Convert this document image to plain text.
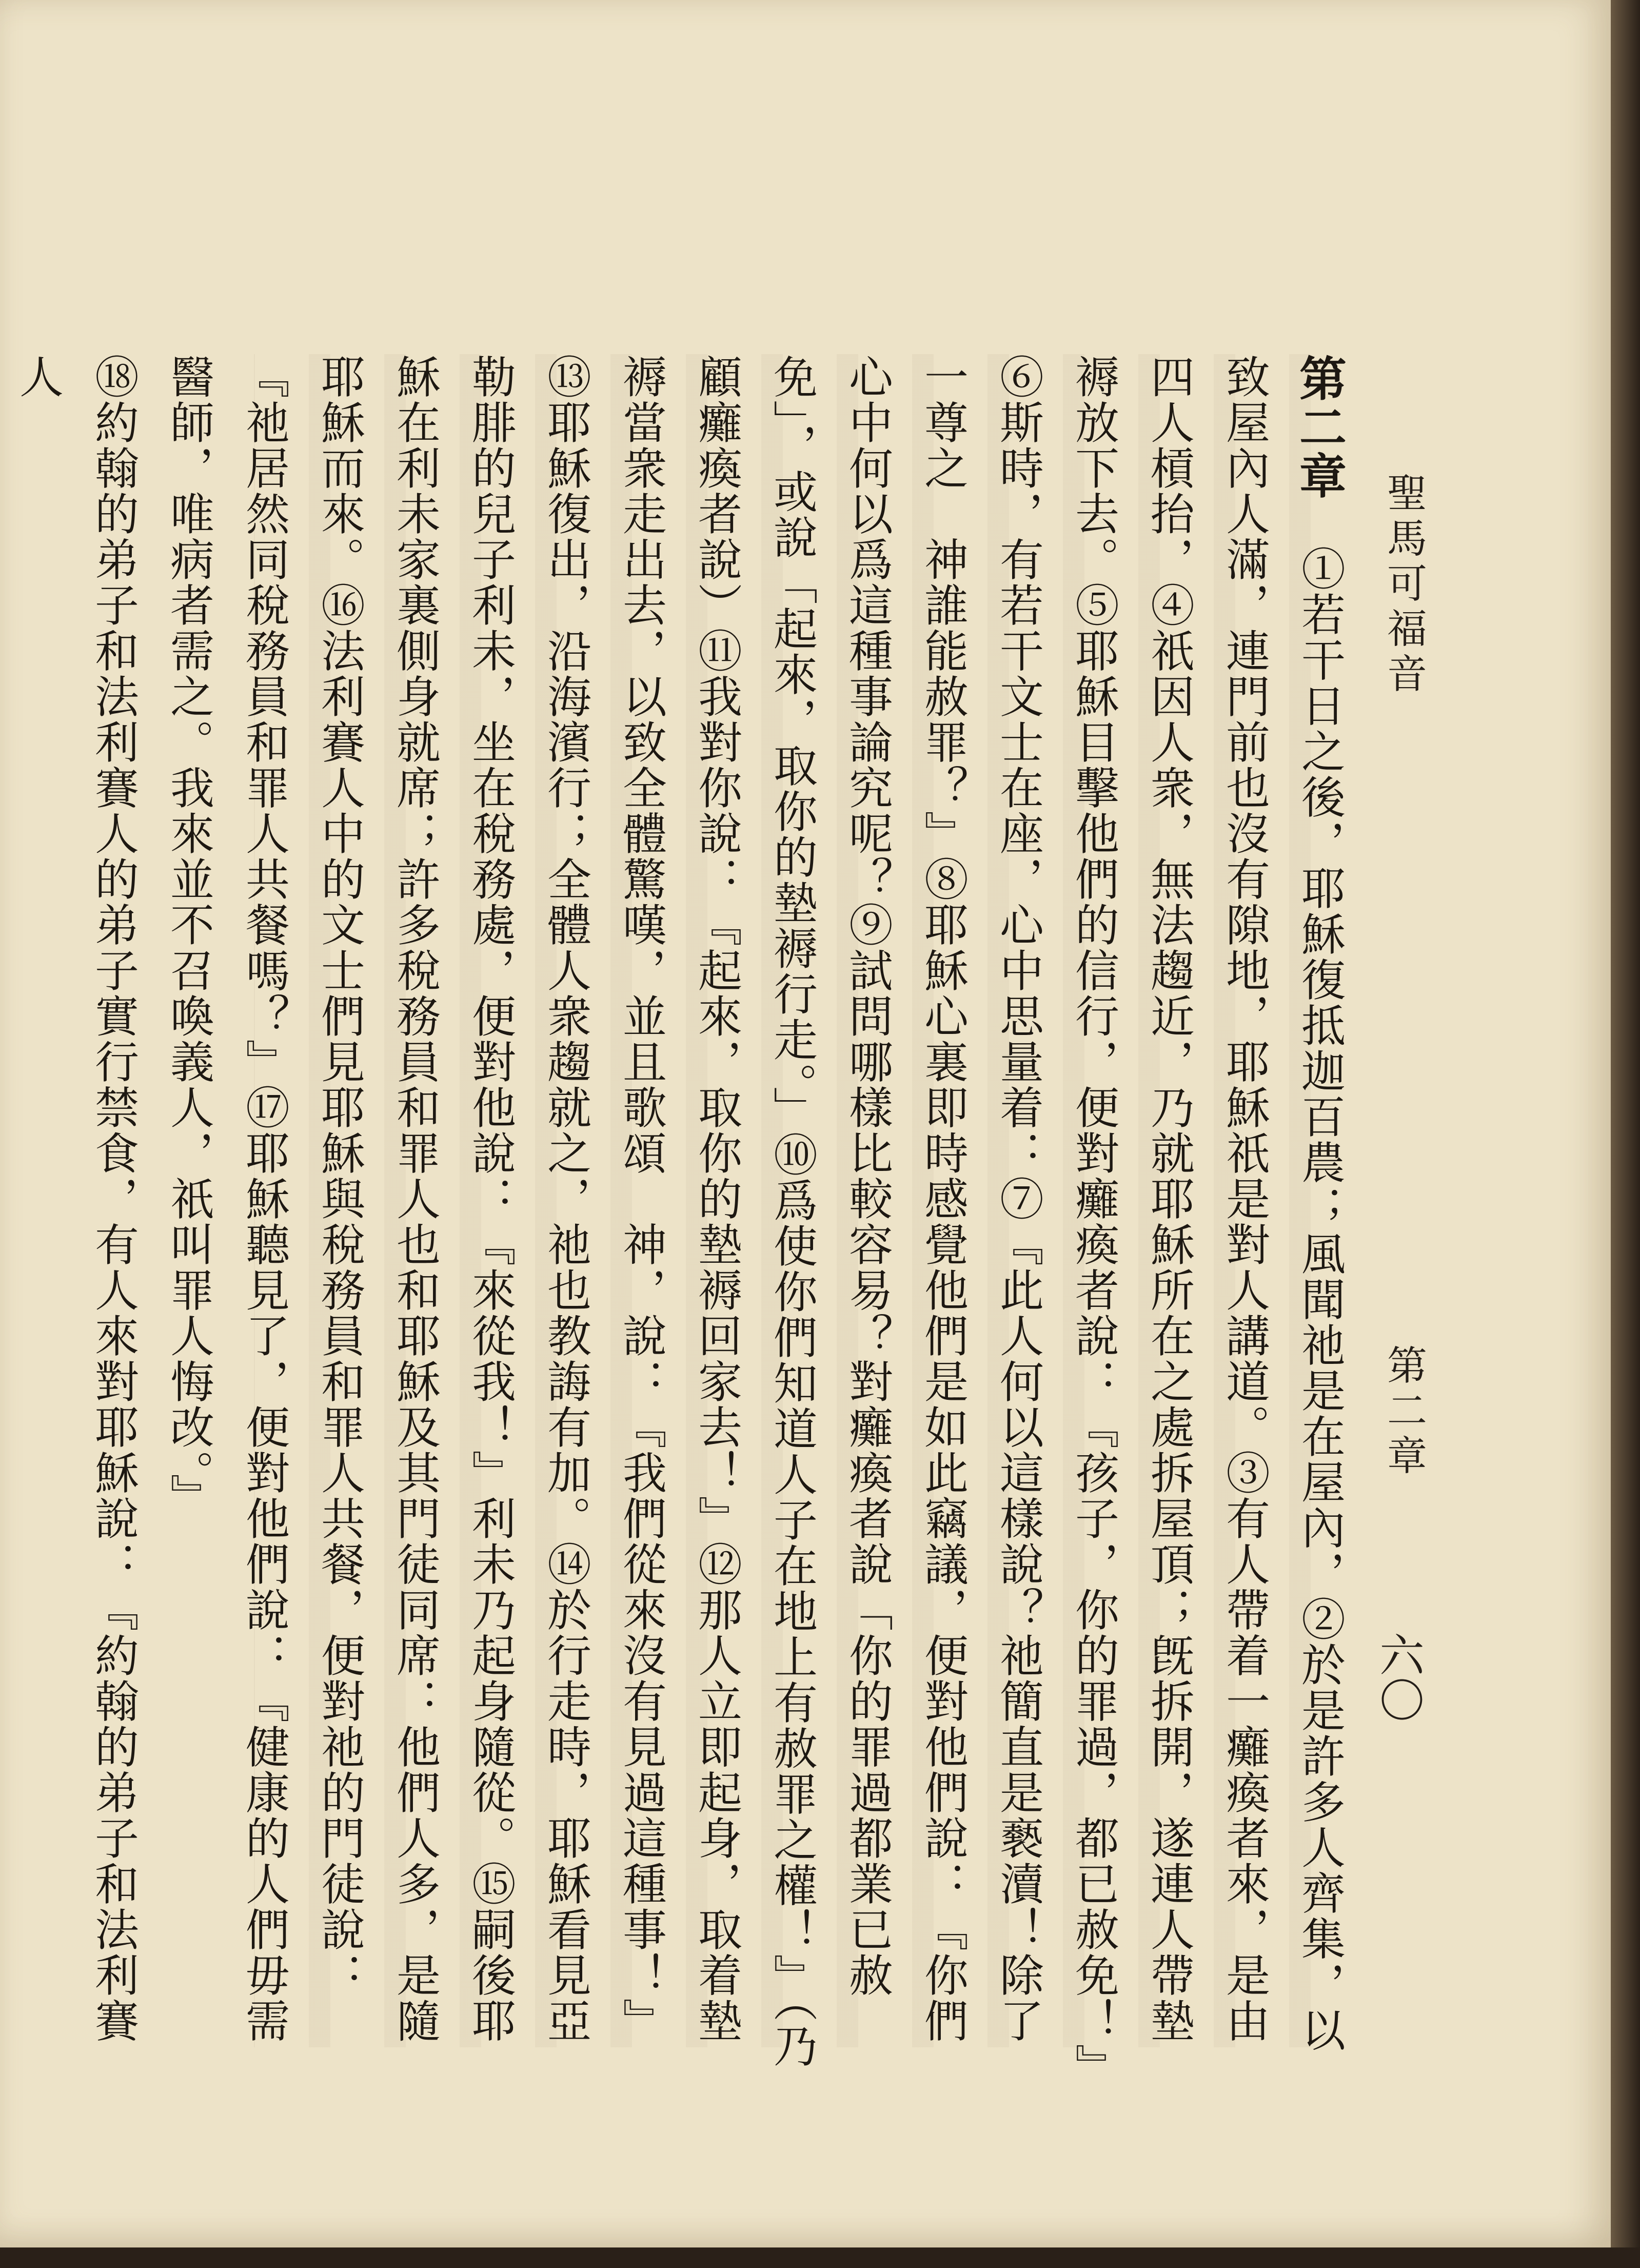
聖馬可福音
第二章
六〇

第二章　①若干日之後，耶穌復抵迦百農；風聞祂是在屋內，②於是許多人齊集，以致屋內人滿，連門前也沒有隙地，耶穌祇是對人講道。③有人帶着一癱瘓者來，是由四人槓抬，④祇因人衆，無法趨近，乃就耶穌所在之處拆屋頂；旣拆開，遂連人帶墊褥放下去。⑤耶穌目擊他們的信行，便對癱瘓者說：『孩子，你的罪過，都已赦免！』⑥斯時，有若干文士在座，心中思量着：⑦『此人何以這樣說？祂簡直是褻瀆！除了一尊之　神誰能赦罪？』⑧耶穌心裏即時感覺他們是如此竊議，便對他們說：『你們心中何以爲這種事論究呢？⑨試問哪樣比較容易？對癱瘓者說「你的罪過都業已赦免」，或說「起來，取你的墊褥行走。」⑩爲使你們知道人子在地上有赦罪之權！』（乃顧癱瘓者說）⑪我對你說：『起來，取你的墊褥回家去！』⑫那人立即起身，取着墊褥當衆走出去，以致全體驚嘆，並且歌頌　神，說：『我們從來沒有見過這種事！』

⑬耶穌復出，沿海濱行；全體人衆趨就之，祂也教誨有加。⑭於行走時，耶穌看見亞勒腓的兒子利未，坐在稅務處，便對他說：『來從我！』利未乃起身隨從。⑮嗣後耶穌在利未家裏側身就席；許多稅務員和罪人也和耶穌及其門徒同席：他們人多，是隨耶穌而來。⑯法利賽人中的文士們見耶穌與稅務員和罪人共餐，便對祂的門徒說：『祂居然同稅務員和罪人共餐嗎？』⑰耶穌聽見了，便對他們說：『健康的人們毋需醫師，唯病者需之。我來並不召喚義人，祇叫罪人悔改。』

⑱約翰的弟子和法利賽人的弟子實行禁食，有人來對耶穌說：『約翰的弟子和法利賽人
